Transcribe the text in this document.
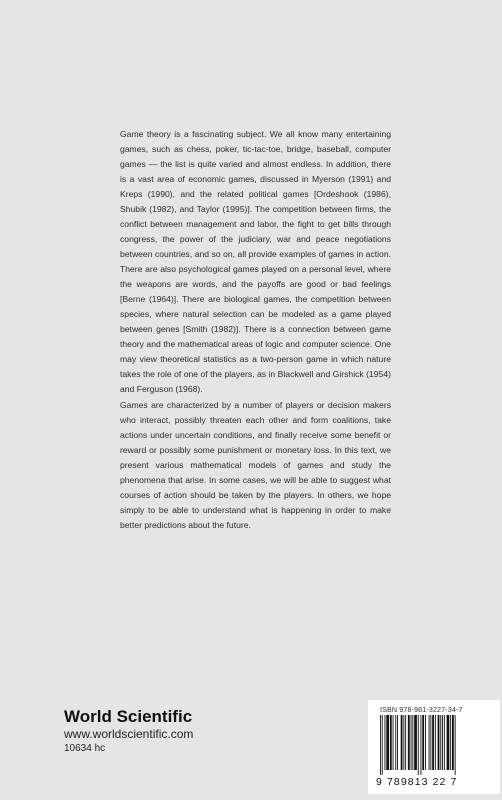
Game theory is a fascinating subject. We all know many entertaining games, such as chess, poker, tic-tac-toe, bridge, baseball, computer games — the list is quite varied and almost endless. In addition, there is a vast area of economic games, discussed in Myerson (1991) and Kreps (1990), and the related political games [Ordeshook (1986), Shubik (1982), and Taylor (1995)]. The competition between firms, the conflict between management and labor, the fight to get bills through congress, the power of the judiciary, war and peace negotiations between countries, and so on, all provide examples of games in action. There are also psychological games played on a personal level, where the weapons are words, and the payoffs are good or bad feelings [Berne (1964)]. There are biological games, the competition between species, where natural selection can be modeled as a game played between genes [Smith (1982)]. There is a connection between game theory and the mathematical areas of logic and computer science. One may view theoretical statistics as a two-person game in which nature takes the role of one of the players, as in Blackwell and Girshick (1954) and Ferguson (1968).

Games are characterized by a number of players or decision makers who interact, possibly threaten each other and form coalitions, take actions under uncertain conditions, and finally receive some benefit or reward or possibly some punishment or monetary loss. In this text, we present various mathematical models of games and study the phenomena that arise. In some cases, we will be able to suggest what courses of action should be taken by the players. In others, we hope simply to be able to understand what is happening in order to make better predictions about the future.

World Scientific
www.worldscientific.com
10634 hc
ISBN 978-981-3227-34-7
9 789813 22 7
